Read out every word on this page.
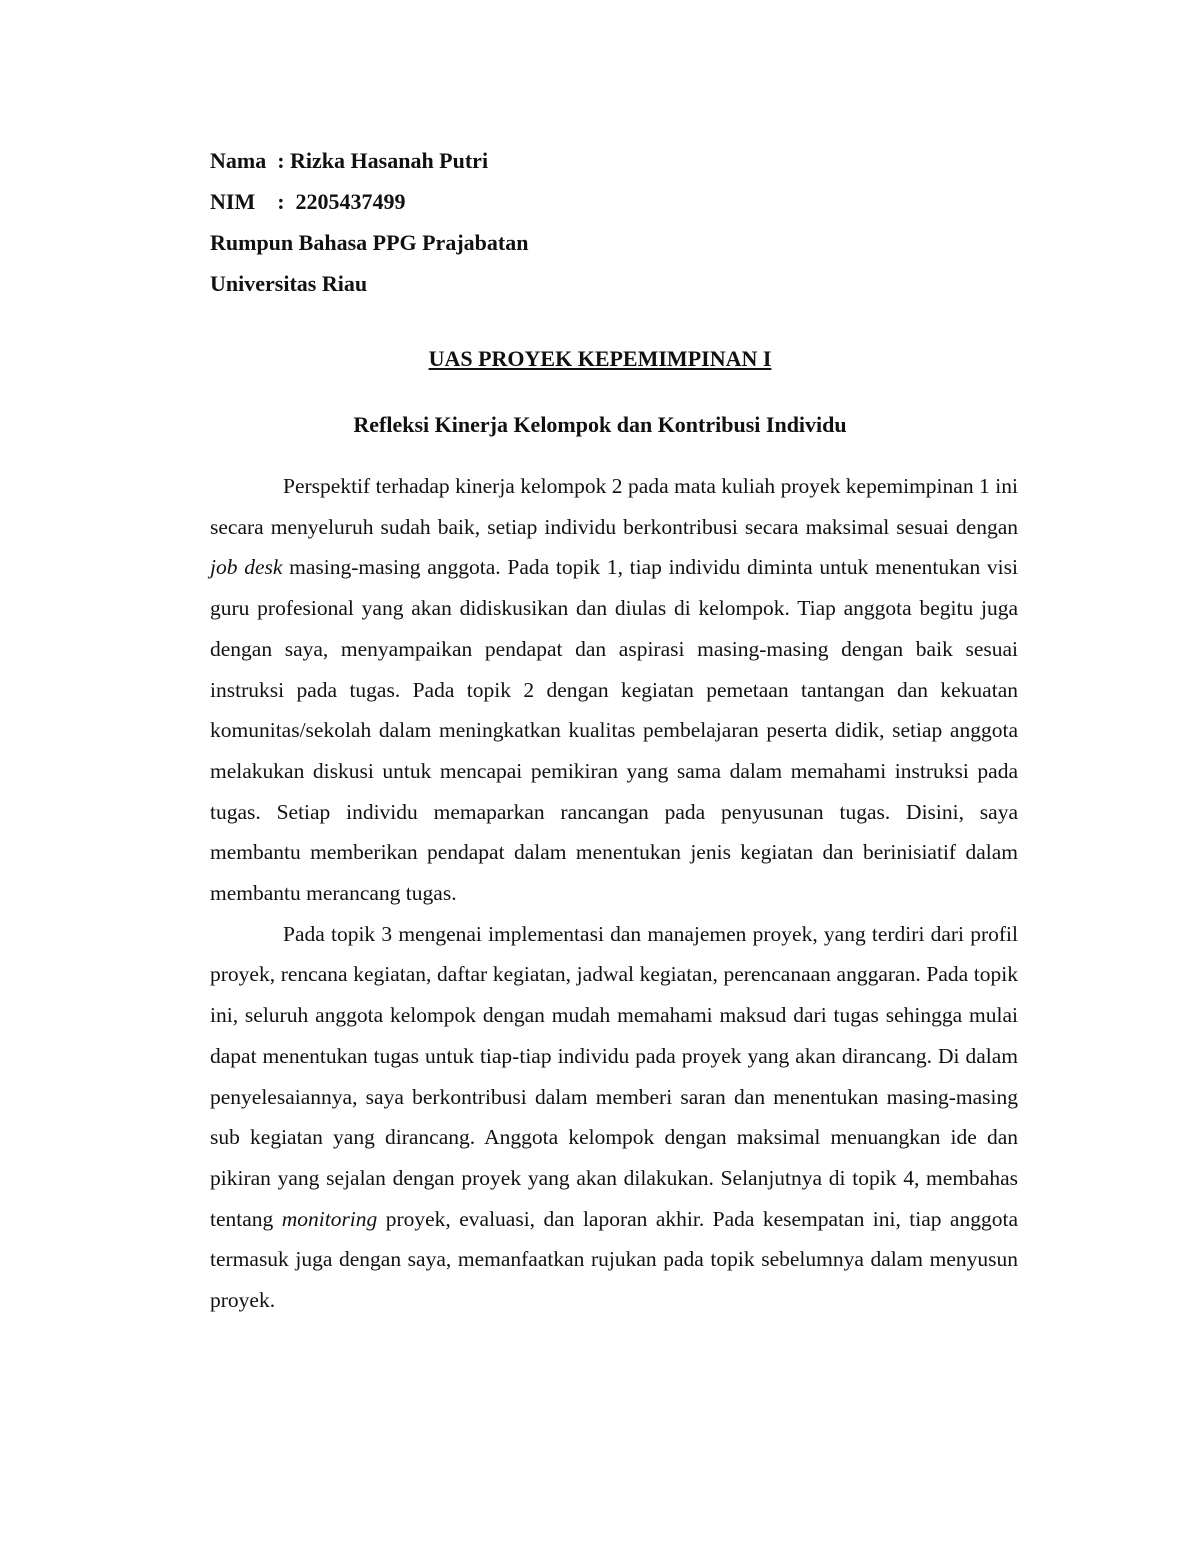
Nama  : Rizka Hasanah Putri
NIM    :  2205437499
Rumpun Bahasa PPG Prajabatan
Universitas Riau
UAS PROYEK KEPEMIMPINAN I
Refleksi Kinerja Kelompok dan Kontribusi Individu

Perspektif terhadap kinerja kelompok 2 pada mata kuliah proyek kepemimpinan 1 ini secara menyeluruh sudah baik, setiap individu berkontribusi secara maksimal sesuai dengan job desk masing-masing anggota. Pada topik 1, tiap individu diminta untuk menentukan visi guru profesional yang akan didiskusikan dan diulas di kelompok. Tiap anggota begitu juga dengan saya, menyampaikan pendapat dan aspirasi masing-masing dengan baik sesuai instruksi pada tugas. Pada topik 2 dengan kegiatan pemetaan tantangan dan kekuatan komunitas/sekolah dalam meningkatkan kualitas pembelajaran peserta didik, setiap anggota melakukan diskusi untuk mencapai pemikiran yang sama dalam memahami instruksi pada tugas. Setiap individu memaparkan rancangan pada penyusunan tugas. Disini, saya membantu memberikan pendapat dalam menentukan jenis kegiatan dan berinisiatif dalam membantu merancang tugas.

Pada topik 3 mengenai implementasi dan manajemen proyek, yang terdiri dari profil proyek, rencana kegiatan, daftar kegiatan, jadwal kegiatan, perencanaan anggaran. Pada topik ini, seluruh anggota kelompok dengan mudah memahami maksud dari tugas sehingga mulai dapat menentukan tugas untuk tiap-tiap individu pada proyek yang akan dirancang. Di dalam penyelesaiannya, saya berkontribusi dalam memberi saran dan menentukan masing-masing sub kegiatan yang dirancang. Anggota kelompok dengan maksimal menuangkan ide dan pikiran yang sejalan dengan proyek yang akan dilakukan. Selanjutnya di topik 4, membahas tentang monitoring proyek, evaluasi, dan laporan akhir. Pada kesempatan ini, tiap anggota termasuk juga dengan saya, memanfaatkan rujukan pada topik sebelumnya dalam menyusun proyek.
